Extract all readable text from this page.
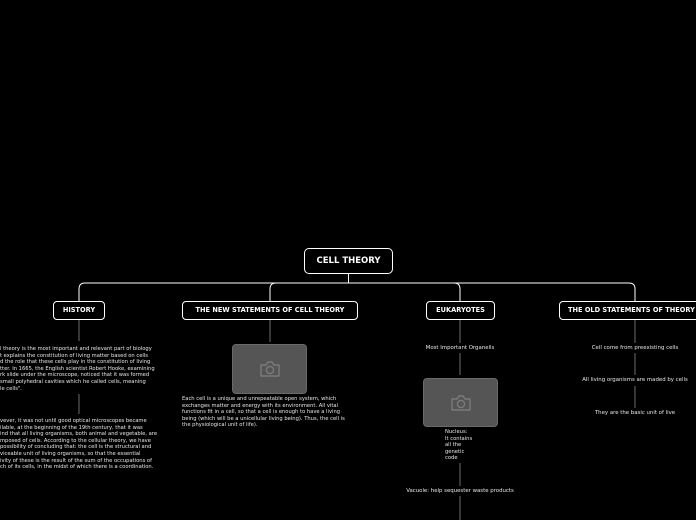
CELL THEORY
HISTORY
l theory is the most important and relevant part of biology
t explains the constitution of living matter based on cells
d the role that these cells play in the constitution of living
tter. In 1665, the English scientist Robert Hooke, examining
rk slide under the microscope, noticed that it was formed
small polyhedral cavities which he called cells, meaning
le cells".
vever, it was not until good optical microscopes became
ilable, at the beginning of the 19th century, that it was
ind that all living organisms, both animal and vegetable, are
mposed of cells. According to the cellular theory, we have
possibility of concluding that: the cell is the structural and
viceable unit of living organisms, so that the essential
ivity of these is the result of the sum of the occupations of
ch of its cells, in the midst of which there is a coordination.
THE NEW STATEMENTS OF CELL THEORY
Each cell is a unique and unrepeatable open system, which
exchanges matter and energy with its environment. All vital
functions fit in a cell, so that a cell is enough to have a living
being (which will be a unicellular living being). Thus, the cell is
the physiological unit of life).
EUKARYOTES
Most Important Organells
Nucleus:
It contains
all the
genetic
code
Vacuole: help sequester waste products
THE OLD STATEMENTS OF THEORY
Cell come from preexisting cells
All living organisms are maded by cells
They are the basic unit of live
